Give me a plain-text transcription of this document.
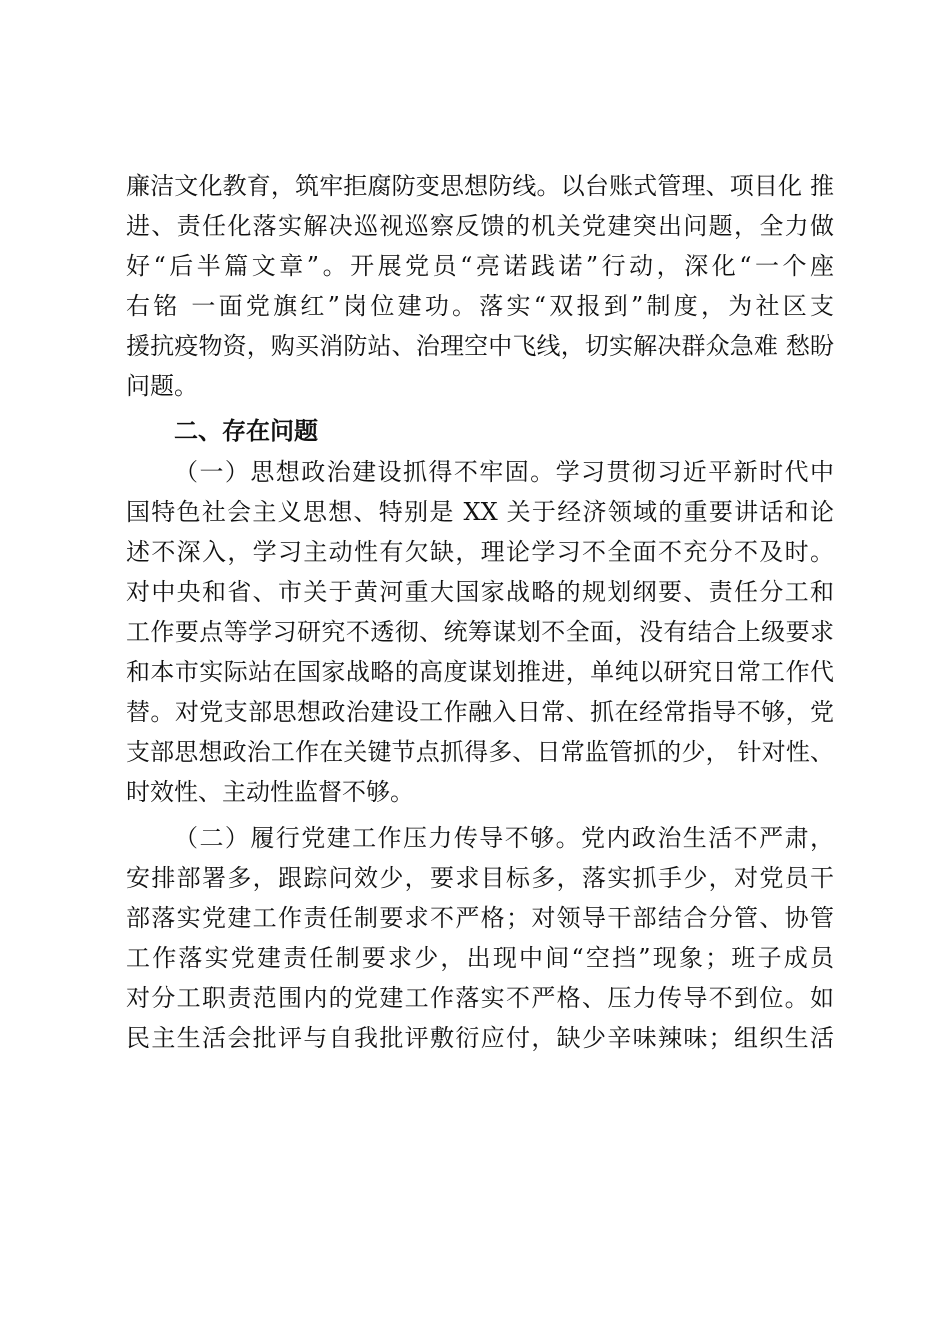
廉洁文化教育，筑牢拒腐防变思想防线。以台账式管理、项目化 推
进、责任化落实解决巡视巡察反馈的机关党建突出问题，全力做
好“后半篇文章”。开展党员“亮诺践诺”行动，深化“一个座
右铭 一面党旗红”岗位建功。落实“双报到”制度，为社区支
援抗疫物资，购买消防站、治理空中飞线，切实解决群众急难 愁盼
问题。
二、存在问题
（一）思想政治建设抓得不牢固。学习贯彻习近平新时代中
国特色社会主义思想、特别是 XX 关于经济领域的重要讲话和论
述不深入，学习主动性有欠缺，理论学习不全面不充分不及时。
对中央和省、市关于黄河重大国家战略的规划纲要、责任分工和
工作要点等学习研究不透彻、统筹谋划不全面，没有结合上级要求
和本市实际站在国家战略的高度谋划推进，单纯以研究日常工作代
替。对党支部思想政治建设工作融入日常、抓在经常指导不够，党
支部思想政治工作在关键节点抓得多、日常监管抓的少， 针对性、
时效性、主动性监督不够。
（二）履行党建工作压力传导不够。党内政治生活不严肃，
安排部署多，跟踪问效少，要求目标多，落实抓手少，对党员干
部落实党建工作责任制要求不严格；对领导干部结合分管、协管
工作落实党建责任制要求少，出现中间“空挡”现象；班子成员
对分工职责范围内的党建工作落实不严格、压力传导不到位。如
民主生活会批评与自我批评敷衍应付，缺少辛味辣味；组织生活
